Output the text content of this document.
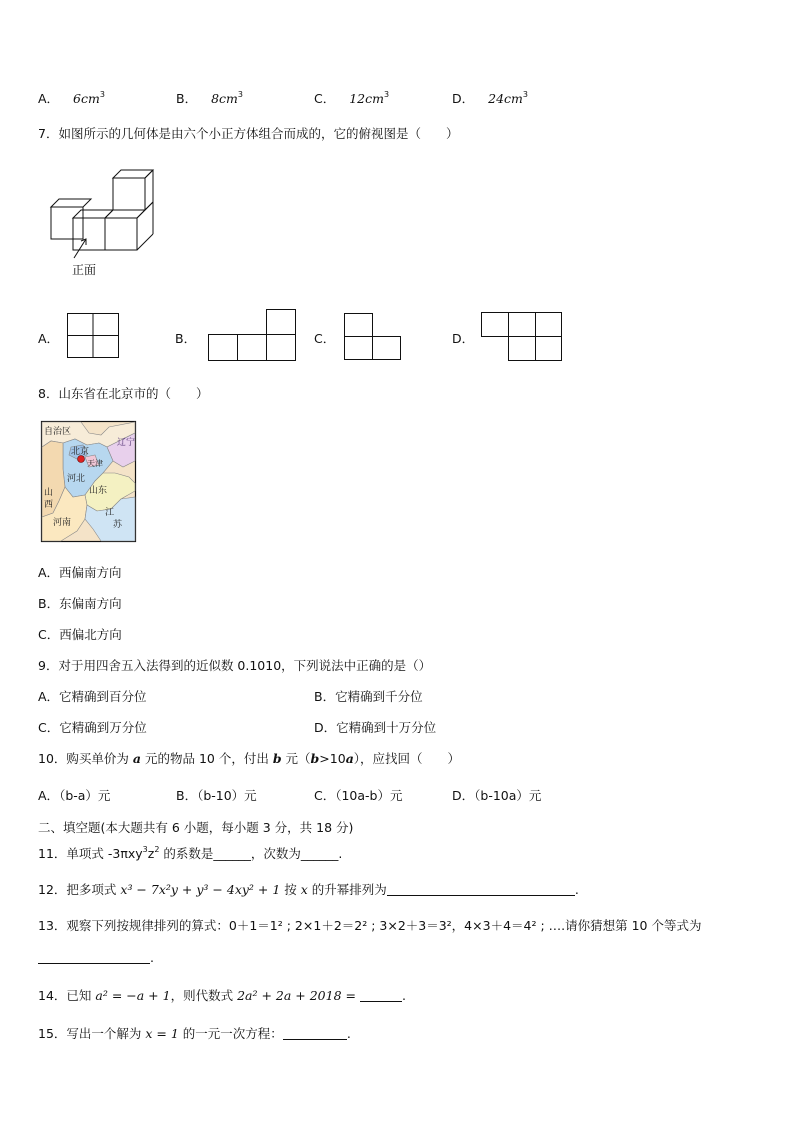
A． $6cm^3$	B． $8cm^3$	C． $12cm^3$	D． $24cm^3$
7．如图所示的几何体是由六个小正方体组合而成的，它的俯视图是（　　）
正面
A．	B．	C．	D．
8．山东省在北京市的（　　）
自治区
辽宁
北京
天津
河北
山
西
山东
河南
江
苏
A．西偏南方向
B．东偏南方向
C．西偏北方向
9．对于用四舍五入法得到的近似数 0.1010，下列说法中正确的是（）
A．它精确到百分位	B．它精确到千分位
C．它精确到万分位	D．它精确到十万分位
10．购买单价为 a 元的物品 10 个，付出 b 元（b>10a），应找回（　　）
A．（b-a）元	B．（b-10）元	C．（10a-b）元	D．（b-10a）元
二、填空题(本大题共有 6 小题，每小题 3 分，共 18 分)
11．单项式 $-3\pi xy^3z^2$ 的系数是______，次数为______.
12．把多项式 x³ − 7x²y + y³ − 4xy² + 1 按 x 的升幂排列为	.
13．观察下列按规律排列的算式：0＋1＝1² ; 2×1＋2＝2² ; 3×2＋3＝3²，4×3＋4＝4² ; ….请你猜想第 10 个等式为
.
14．已知 a² = −a + 1，则代数式 2a² + 2a + 2018 =	.
15．写出一个解为 x = 1 的一元一次方程：	.
